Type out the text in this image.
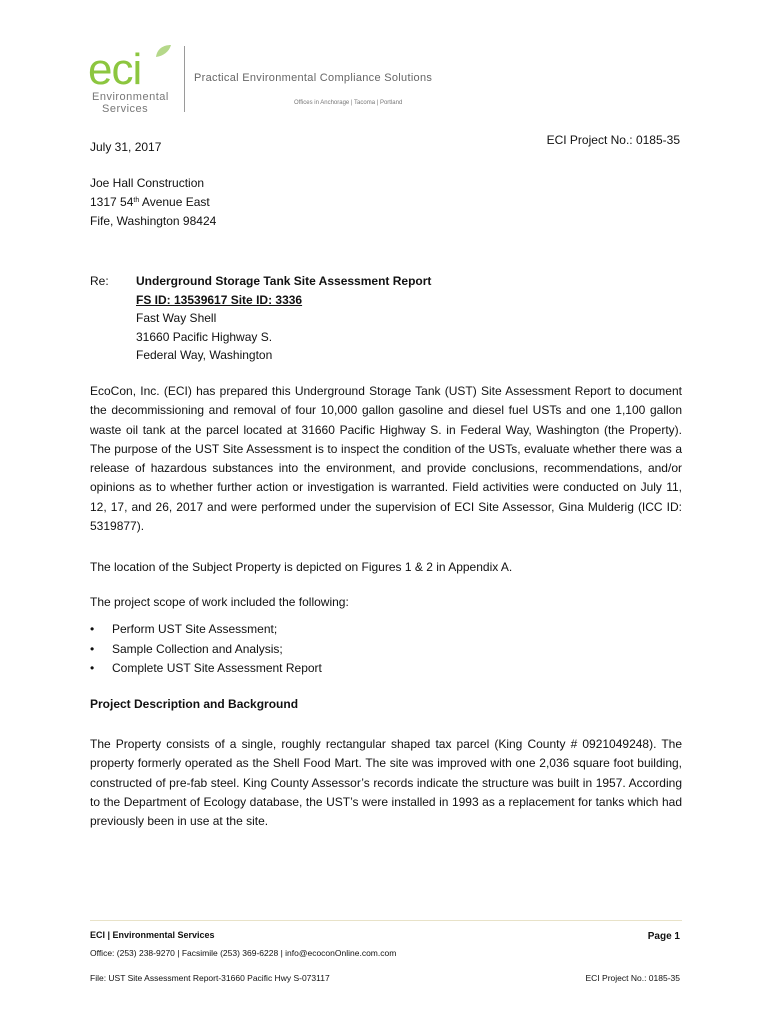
eci
Environmental
Services
Practical Environmental Compliance Solutions
Offices in Anchorage | Tacoma | Portland
July 31, 2017	ECI Project No.: 0185-35
Joe Hall Construction
1317 54th Avenue East
Fife, Washington 98424
Re: Underground Storage Tank Site Assessment Report
FS ID: 13539617 Site ID: 3336
Fast Way Shell
31660 Pacific Highway S.
Federal Way, Washington
EcoCon, Inc. (ECI) has prepared this Underground Storage Tank (UST) Site Assessment Report to document the decommissioning and removal of four 10,000 gallon gasoline and diesel fuel USTs and one 1,100 gallon waste oil tank at the parcel located at 31660 Pacific Highway S. in Federal Way, Washington (the Property). The purpose of the UST Site Assessment is to inspect the condition of the USTs, evaluate whether there was a release of hazardous substances into the environment, and provide conclusions, recommendations, and/or opinions as to whether further action or investigation is warranted. Field activities were conducted on July 11, 12, 17, and 26, 2017 and were performed under the supervision of ECI Site Assessor, Gina Mulderig (ICC ID: 5319877).
The location of the Subject Property is depicted on Figures 1 & 2 in Appendix A.
The project scope of work included the following:
•	Perform UST Site Assessment;
•	Sample Collection and Analysis;
•	Complete UST Site Assessment Report
Project Description and Background
The Property consists of a single, roughly rectangular shaped tax parcel (King County # 0921049248). The property formerly operated as the Shell Food Mart. The site was improved with one 2,036 square foot building, constructed of pre-fab steel. King County Assessor’s records indicate the structure was built in 1957. According to the Department of Ecology database, the UST’s were installed in 1993 as a replacement for tanks which had previously been in use at the site.
ECI | Environmental Services
Office: (253) 238-9270 | Facsimile (253) 369-6228 | info@ecoconOnline.com.com
Page 1
File: UST Site Assessment Report-31660 Pacific Hwy S-073117	ECI Project No.: 0185-35
